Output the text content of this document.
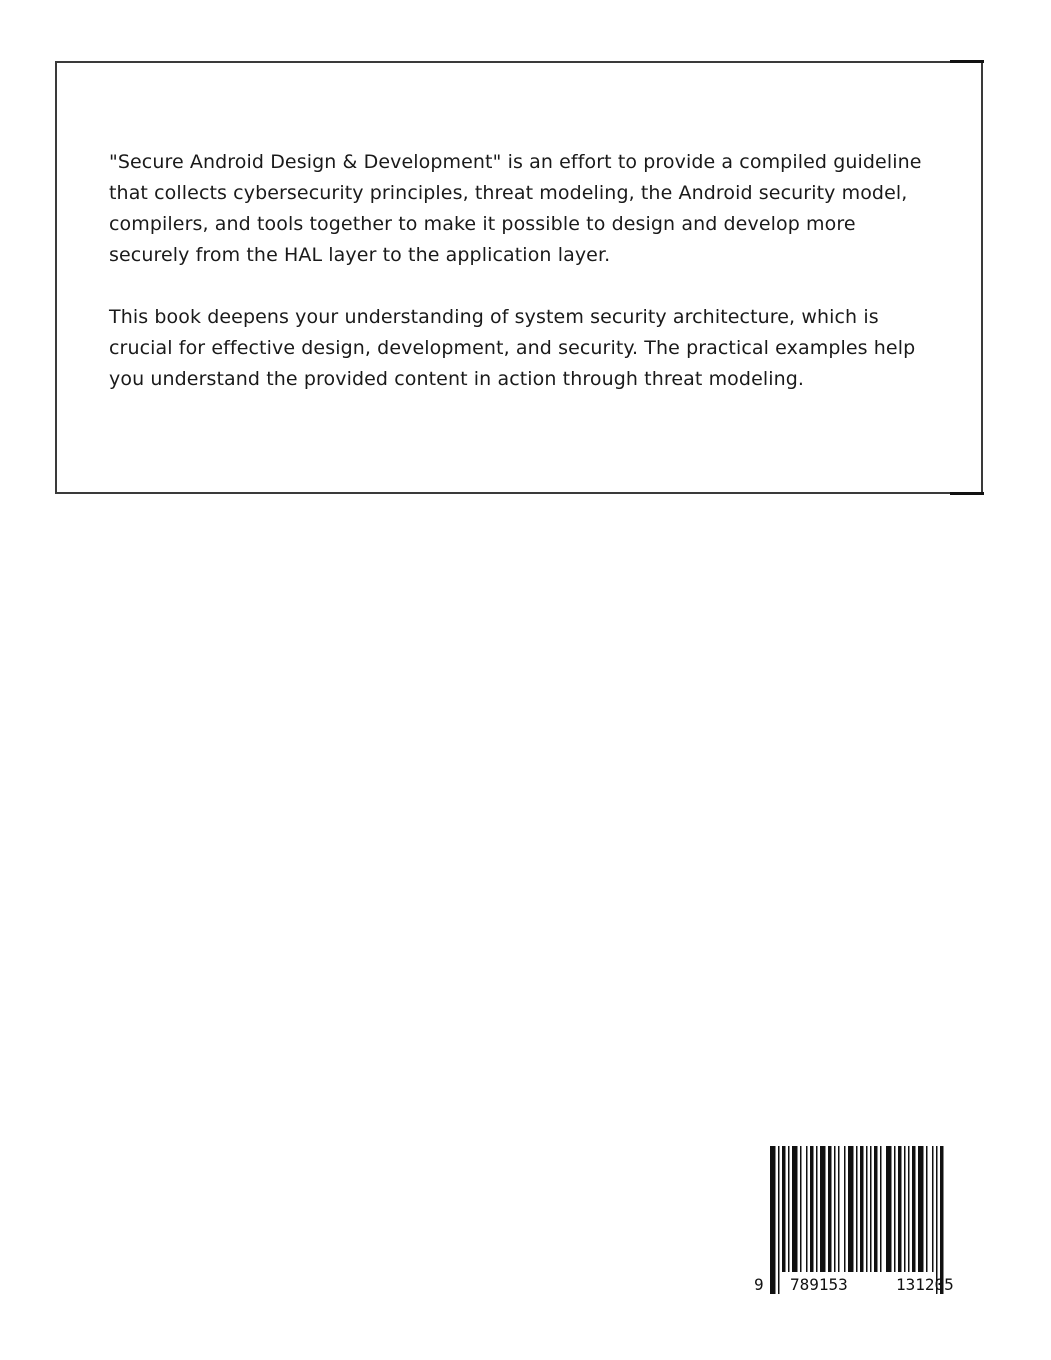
"Secure Android Design & Development" is an effort to provide a compiled guideline that collects cybersecurity principles, threat modeling, the Android security model, compilers, and tools together to make it possible to design and develop more securely from the HAL layer to the application layer.

This book deepens your understanding of system security architecture, which is crucial for effective design, development, and security. The practical examples help you understand the provided content in action through threat modeling.

9 789153	131205
